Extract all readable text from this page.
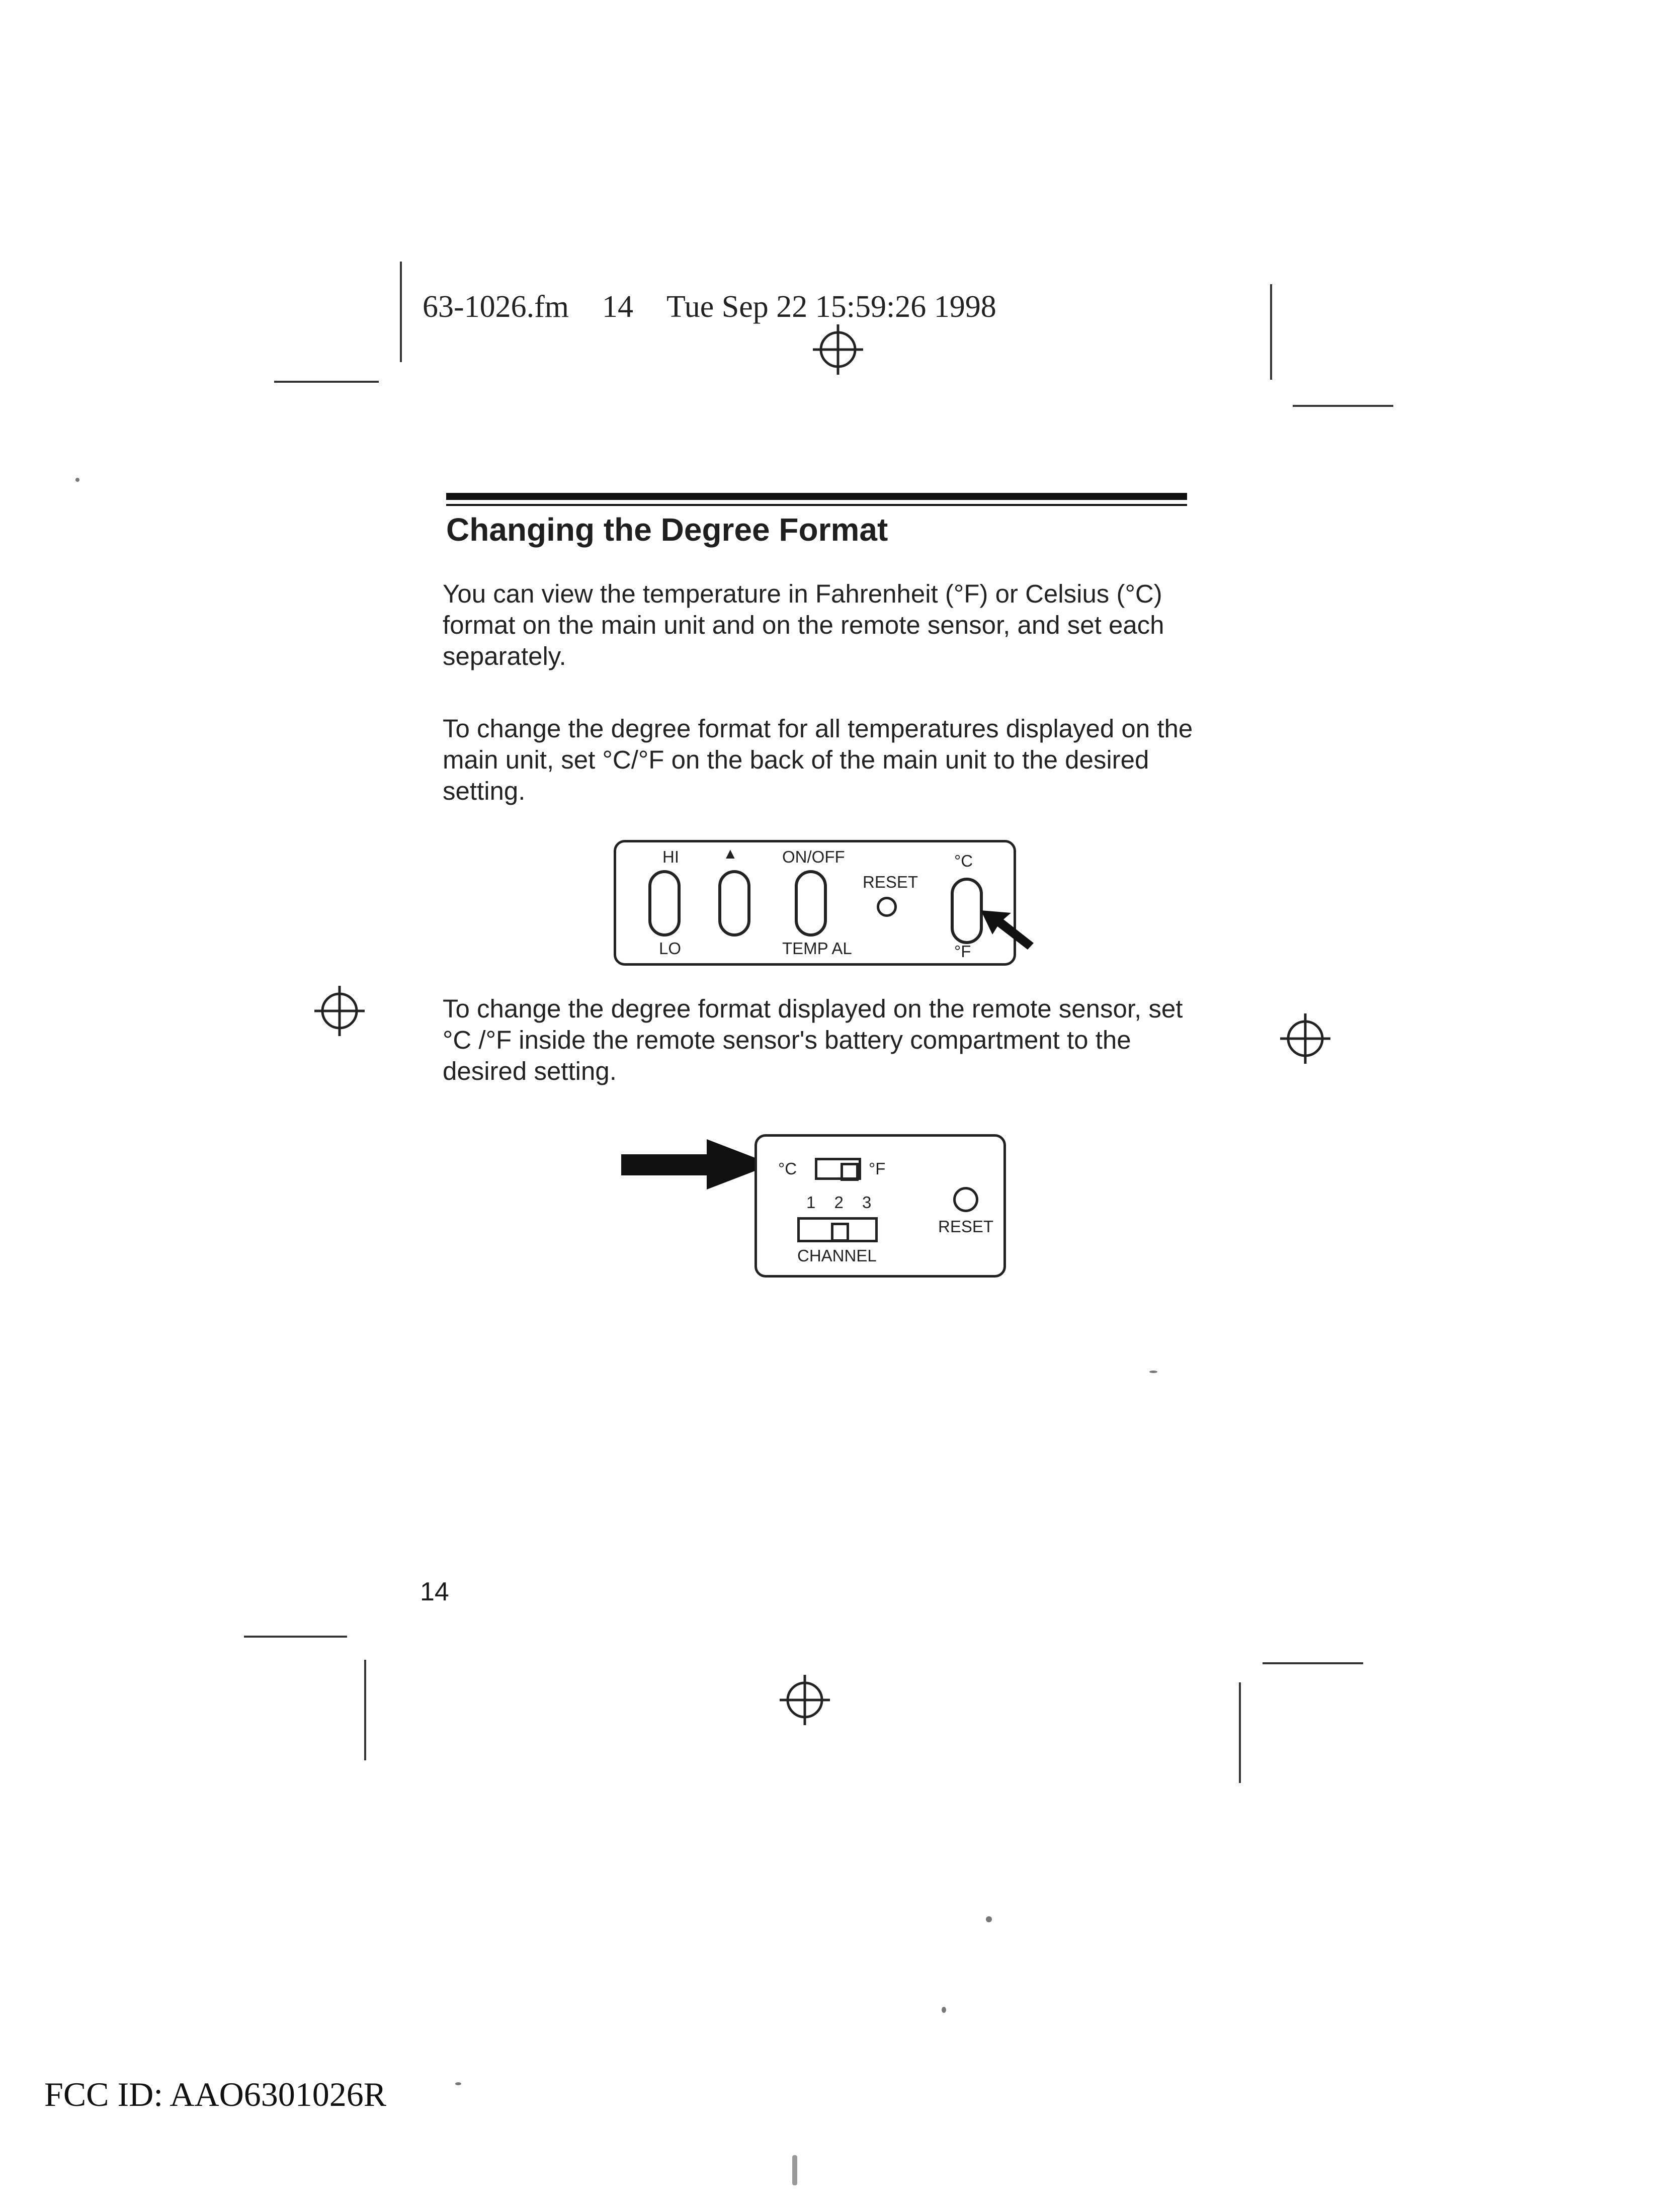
63-1026.fm 14 Tue Sep 22 15:59:26 1998
Changing the Degree Format
You can view the temperature in Fahrenheit (°F) or Celsius (°C) format on the main unit and on the remote sensor, and set each separately.
To change the degree format for all temperatures displayed on the main unit, set °C/°F on the back of the main unit to the desired setting.
HI	▲	ON/OFF
RESET
°C
LO	TEMP AL	°F
To change the degree format displayed on the remote sensor, set °C /°F inside the remote sensor's battery compartment to the desired setting.
°C	°F
1 2 3
CHANNEL
RESET
14
FCC ID: AAO6301026R
